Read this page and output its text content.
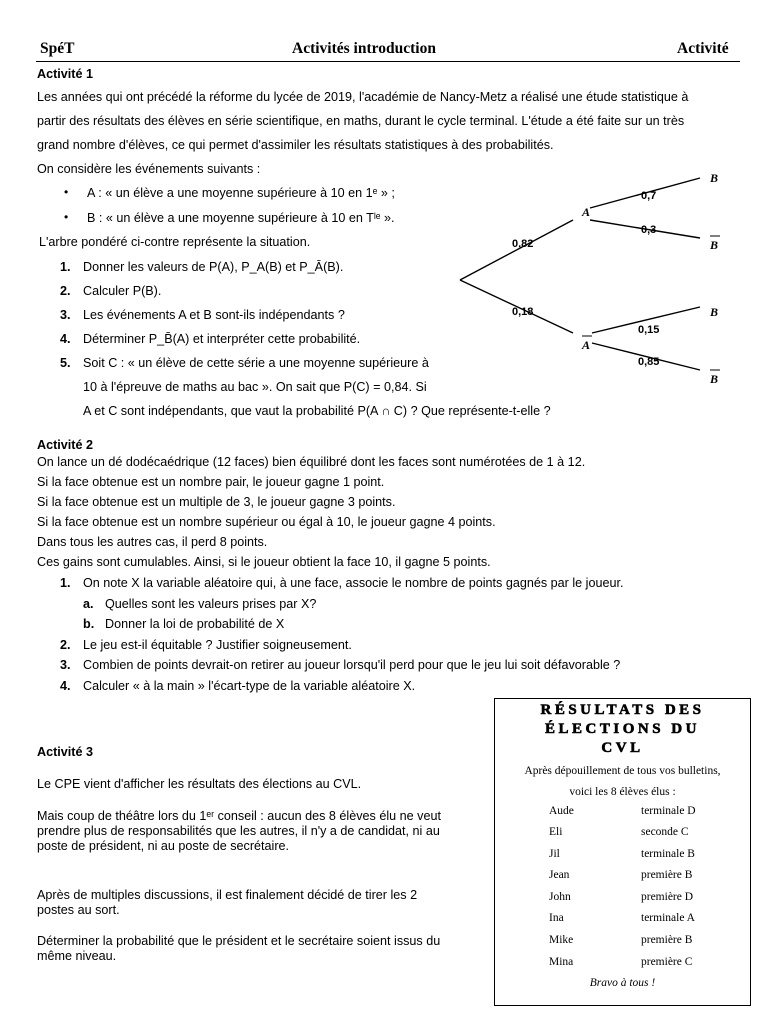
SpéT	Activités introduction	Activité
Activité 1
Les années qui ont précédé la réforme du lycée de 2019, l'académie de Nancy-Metz a réalisé une étude statistique à
partir des résultats des élèves en série scientifique, en maths, durant le cycle terminal. L'étude a été faite sur un très
grand nombre d'élèves, ce qui permet d'assimiler les résultats statistiques à des probabilités.
On considère les événements suivants :
• A : « un élève a une moyenne supérieure à 10 en 1ᵉ » ;
• B : « un élève a une moyenne supérieure à 10 en Tˡᵉ ».
L'arbre pondéré ci-contre représente la situation.
1. Donner les valeurs de P(A), P_A(B) et P_Ā(B).
2. Calculer P(B).
3. Les événements A et B sont-ils indépendants ?
4. Déterminer P_B̄(A) et interpréter cette probabilité.
5. Soit C : « un élève de cette série a une moyenne supérieure à
10 à l'épreuve de maths au bac ». On sait que P(C) = 0,84. Si
A et C sont indépendants, que vaut la probabilité P(A ∩ C) ? Que représente-t-elle ?
0,82
0,18
0,7
0,3
0,15
0,85
A
A
B
B
B
B
Activité 2
On lance un dé dodécaédrique (12 faces) bien équilibré dont les faces sont numérotées de 1 à 12.
Si la face obtenue est un nombre pair, le joueur gagne 1 point.
Si la face obtenue est un multiple de 3, le joueur gagne 3 points.
Si la face obtenue est un nombre supérieur ou égal à 10, le joueur gagne 4 points.
Dans tous les autres cas, il perd 8 points.
Ces gains sont cumulables. Ainsi, si le joueur obtient la face 10, il gagne 5 points.
1. On note X la variable aléatoire qui, à une face, associe le nombre de points gagnés par le joueur.
a. Quelles sont les valeurs prises par X?
b. Donner la loi de probabilité de X
2. Le jeu est-il équitable ? Justifier soigneusement.
3. Combien de points devrait-on retirer au joueur lorsqu'il perd pour que le jeu lui soit défavorable ?
4. Calculer « à la main » l'écart-type de la variable aléatoire X.
Activité 3
Le CPE vient d'afficher les résultats des élections au CVL.
Mais coup de théâtre lors du 1ᵉʳ conseil : aucun des 8 élèves élu ne veut
prendre plus de responsabilités que les autres, il n'y a de candidat, ni au
poste de président, ni au poste de secrétaire.
Après de multiples discussions, il est finalement décidé de tirer les 2
postes au sort.
Déterminer la probabilité que le président et le secrétaire soient issus du
même niveau.
RÉSULTATS DES
ÉLECTIONS DU
CVL
Après dépouillement de tous vos bulletins,
voici les 8 élèves élus :
Aude	terminale D
Eli	seconde C
Jil	terminale B
Jean	première B
John	première D
Ina	terminale A
Mike	première B
Mina	première C
Bravo à tous !
